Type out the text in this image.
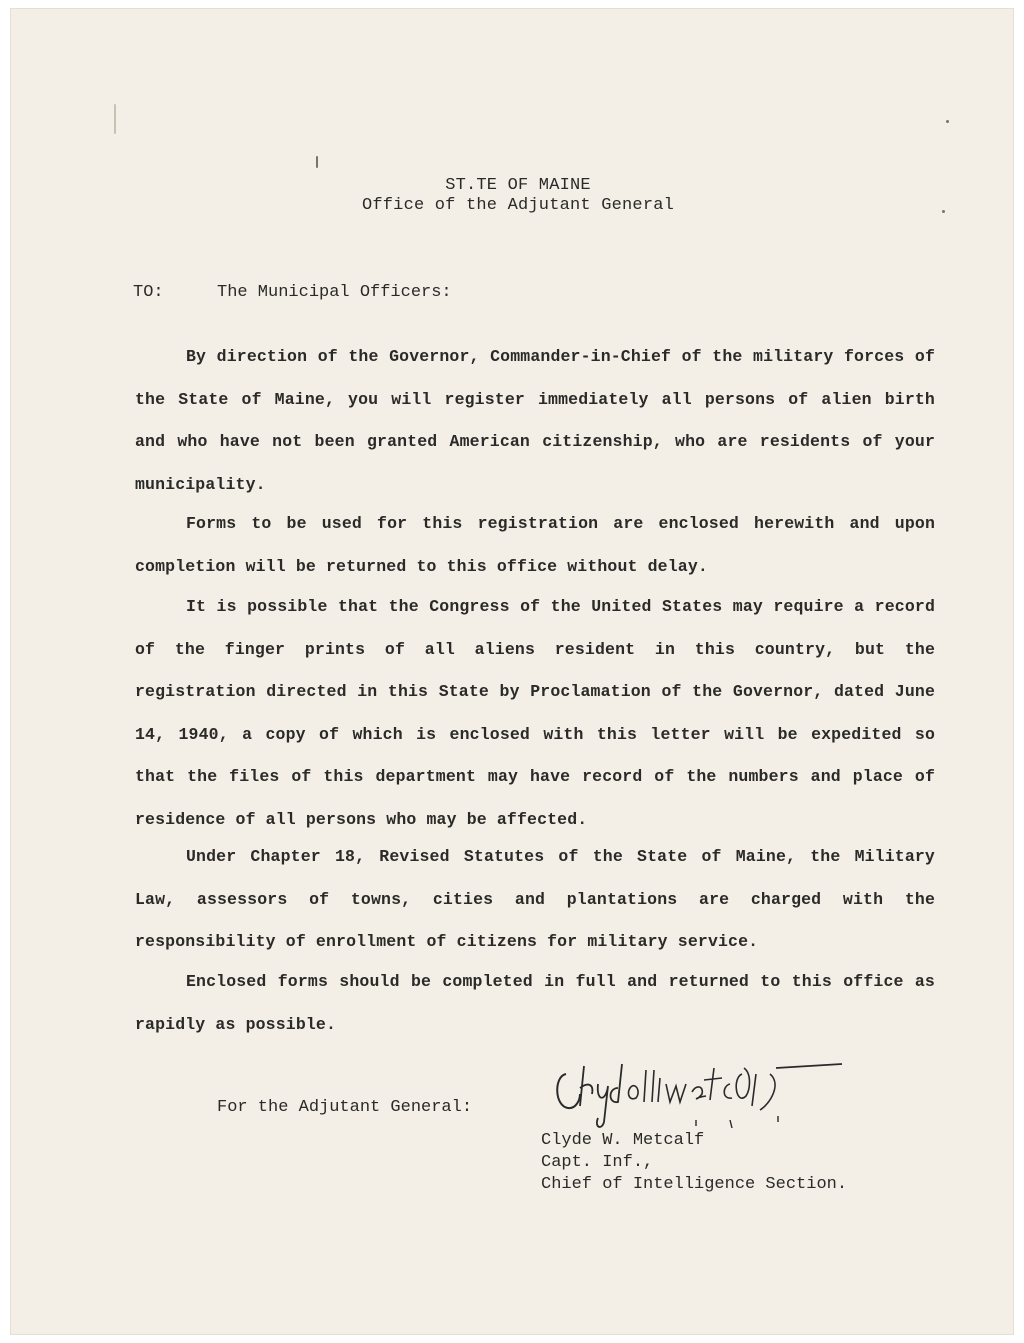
ST.TE OF MAINE
Office of the Adjutant General
TO:	The Municipal Officers:

By direction of the Governor, Commander-in-Chief of the military forces of the State of Maine, you will register immediately all persons of alien birth and who have not been granted American citizenship, who are residents of your municipality.

Forms to be used for this registration are enclosed herewith and upon completion will be returned to this office without delay.

It is possible that the Congress of the United States may require a record of the finger prints of all aliens resident in this country, but the registration directed in this State by Proclamation of the Governor, dated June 14, 1940, a copy of which is enclosed with this letter will be expedited so that the files of this department may have record of the numbers and place of residence of all persons who may be affected.

Under Chapter 18, Revised Statutes of the State of Maine, the Military Law, assessors of towns, cities and plantations are charged with the responsibility of enrollment of citizens for military service.

Enclosed forms should be completed in full and returned to this office as rapidly as possible.

For the Adjutant General:
Clyde W. Metcalf
Capt. Inf.,
Chief of Intelligence Section.
